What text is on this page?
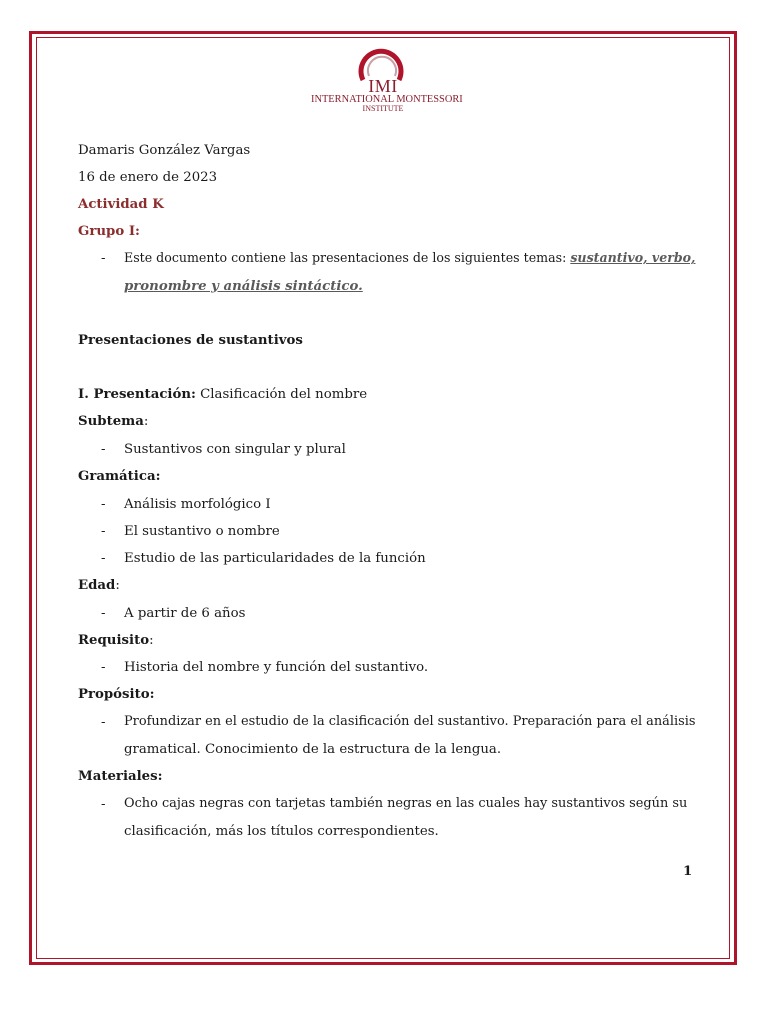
IMI
INTERNATIONAL MONTESSORI
INSTITUTE
Damaris González Vargas
16 de enero de 2023
Actividad K
Grupo I:
- Este documento contiene las presentaciones de los siguientes temas: sustantivo, verbo,
pronombre y análisis sintáctico.
Presentaciones de sustantivos
I. Presentación: Clasificación del nombre
Subtema:
- Sustantivos con singular y plural
Gramática:
- Análisis morfológico I
- El sustantivo o nombre
- Estudio de las particularidades de la función
Edad:
- A partir de 6 años
Requisito:
- Historia del nombre y función del sustantivo.
Propósito:
- Profundizar en el estudio de la clasificación del sustantivo. Preparación para el análisis
gramatical. Conocimiento de la estructura de la lengua.
Materiales:
- Ocho cajas negras con tarjetas también negras en las cuales hay sustantivos según su
clasificación, más los títulos correspondientes.
1
